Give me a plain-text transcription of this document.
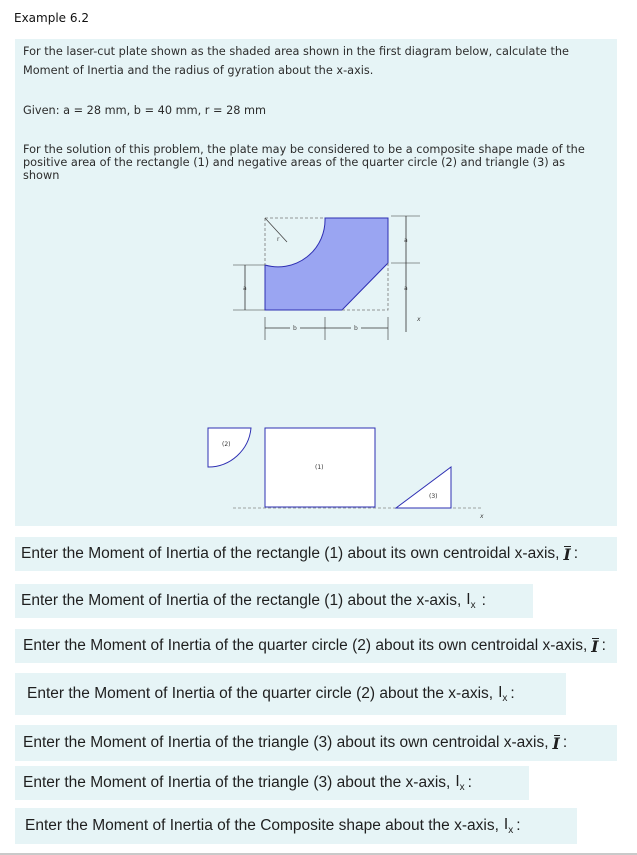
Example 6.2
For the laser-cut plate shown as the shaded area shown in the first diagram below, calculate the
Moment of Inertia and the radius of gyration about the x-axis.
Given: a = 28 mm, b = 40 mm, r = 28 mm
For the solution of this problem, the plate may be considered to be a composite shape made of the
positive area of the rectangle (1) and negative areas of the quarter circle (2) and triangle (3) as
shown
r
a
a
a
x
b	b
x
(2)
(1)
(3)
Enter the Moment of Inertia of the rectangle (1) about its own centroidal x-axis, I :
Enter the Moment of Inertia of the rectangle (1) about the x-axis, $I_x$ :
Enter the Moment of Inertia of the quarter circle (2) about its own centroidal x-axis, I :
Enter the Moment of Inertia of the quarter circle (2) about the x-axis, $I_x$ :
Enter the Moment of Inertia of the triangle (3) about its own centroidal x-axis, I :
Enter the Moment of Inertia of the triangle (3) about the x-axis, $I_x$ :
Enter the Moment of Inertia of the Composite shape about the x-axis, $I_x$ :
